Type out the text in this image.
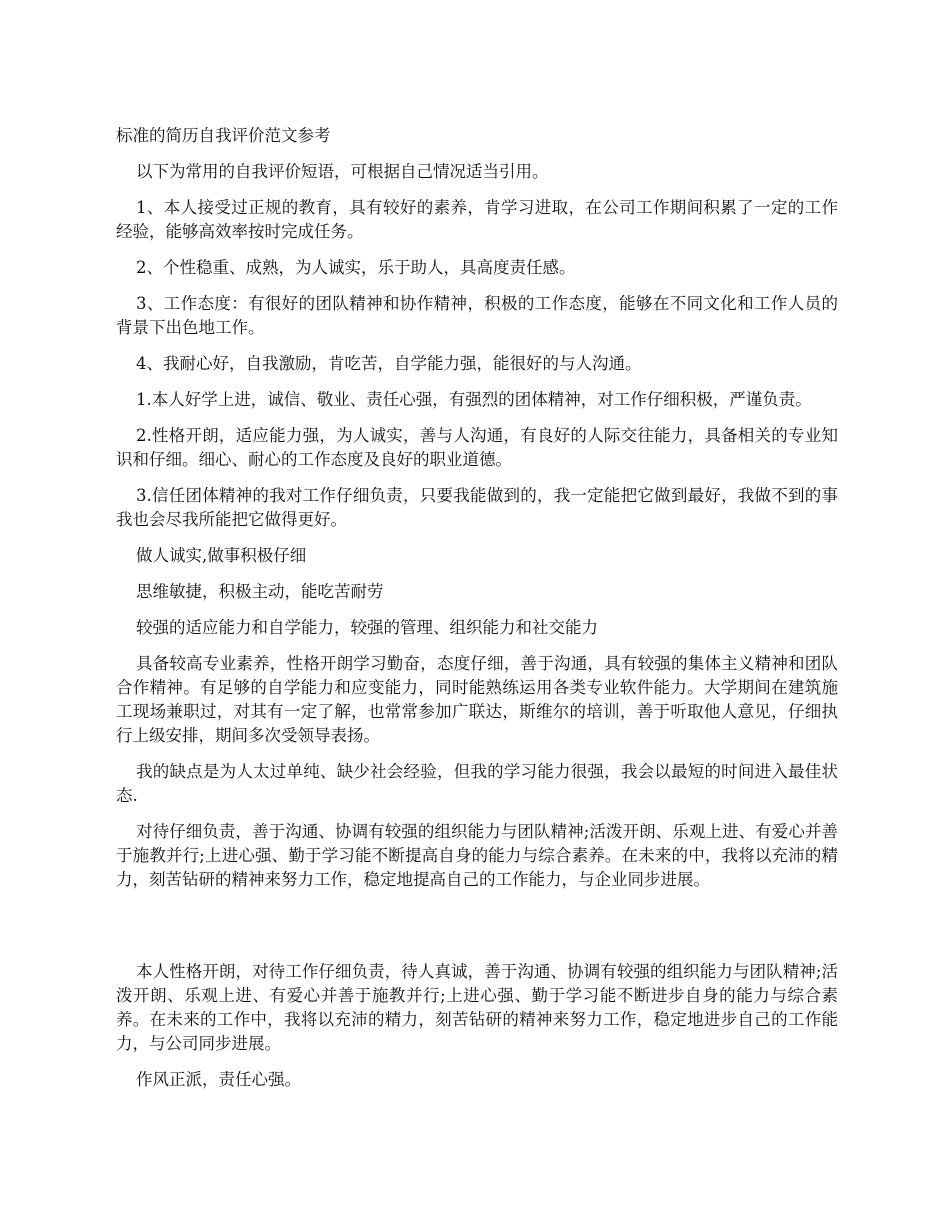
标准的简历自我评价范文参考

以下为常用的自我评价短语，可根据自己情况适当引用。

1、本人接受过正规的教育，具有较好的素养，肯学习进取，在公司工作期间积累了一定的工作经验，能够高效率按时完成任务。

2、个性稳重、成熟，为人诚实，乐于助人，具高度责任感。

3、工作态度：有很好的团队精神和协作精神，积极的工作态度，能够在不同文化和工作人员的背景下出色地工作。

4、我耐心好，自我激励，肯吃苦，自学能力强，能很好的与人沟通。

1.本人好学上进，诚信、敬业、责任心强，有强烈的团体精神，对工作仔细积极，严谨负责。

2.性格开朗，适应能力强，为人诚实，善与人沟通，有良好的人际交往能力，具备相关的专业知识和仔细。细心、耐心的工作态度及良好的职业道德。

3.信任团体精神的我对工作仔细负责，只要我能做到的，我一定能把它做到最好，我做不到的事我也会尽我所能把它做得更好。

做人诚实,做事积极仔细

思维敏捷，积极主动，能吃苦耐劳

较强的适应能力和自学能力，较强的管理、组织能力和社交能力

具备较高专业素养，性格开朗学习勤奋，态度仔细，善于沟通，具有较强的集体主义精神和团队合作精神。有足够的自学能力和应变能力，同时能熟练运用各类专业软件能力。大学期间在建筑施工现场兼职过，对其有一定了解，也常常参加广联达，斯维尔的培训，善于听取他人意见，仔细执行上级安排，期间多次受领导表扬。

我的缺点是为人太过单纯、缺少社会经验，但我的学习能力很强，我会以最短的时间进入最佳状态.

对待仔细负责，善于沟通、协调有较强的组织能力与团队精神;活泼开朗、乐观上进、有爱心并善于施教并行;上进心强、勤于学习能不断提高自身的能力与综合素养。在未来的中，我将以充沛的精力，刻苦钻研的精神来努力工作，稳定地提高自己的工作能力，与企业同步进展。

本人性格开朗，对待工作仔细负责，待人真诚，善于沟通、协调有较强的组织能力与团队精神;活泼开朗、乐观上进、有爱心并善于施教并行;上进心强、勤于学习能不断进步自身的能力与综合素养。在未来的工作中，我将以充沛的精力，刻苦钻研的精神来努力工作，稳定地进步自己的工作能力，与公司同步进展。

作风正派，责任心强。
